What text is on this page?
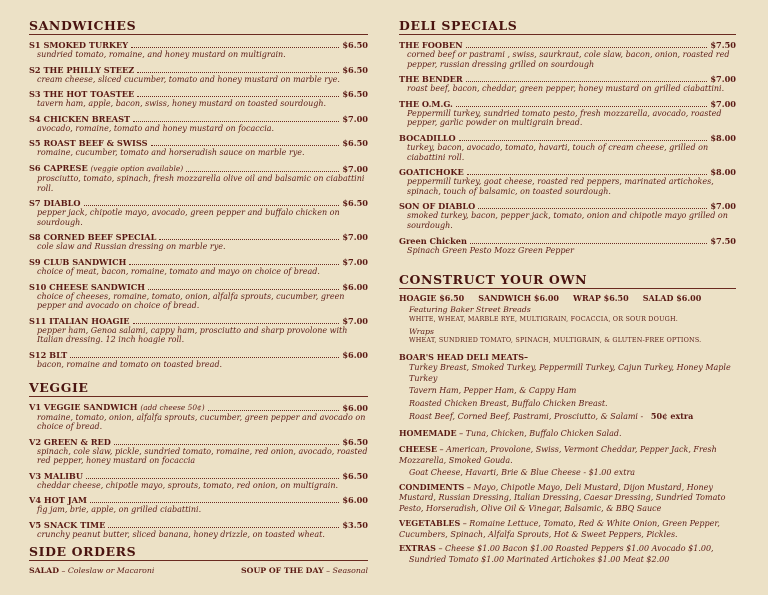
SANDWICHES
S1 SMOKED TURKEY	$6.50
sundried tomato, romaine, and honey mustard on multigrain.
S2 THE PHILLY STEEZ	$6.50
cream cheese, sliced cucumber, tomato and honey mustard on marble rye.
S3 THE HOT TOASTEE	$6.50
tavern ham, apple, bacon, swiss, honey mustard on toasted sourdough.
S4 CHICKEN BREAST	$7.00
avocado, romaine, tomato and honey mustard on focaccia.
S5 ROAST BEEF & SWISS	$6.50
romaine, cucumber, tomato and horseradish sauce on marble rye.
S6 CAPRESE (veggie option available)	$7.00
prosciutto, tomato, spinach, fresh mozzarella olive oil and balsamic on ciabattini roll.
S7 DIABLO	$6.50
pepper jack, chipotle mayo, avocado, green pepper and buffalo chicken on sourdough.
S8 CORNED BEEF SPECIAL	$7.00
cole slaw and Russian dressing on marble rye.
S9 CLUB SANDWICH	$7.00
choice of meat, bacon, romaine, tomato and mayo on choice of bread.
S10 CHEESE SANDWICH	$6.00
choice of cheeses, romaine, tomato, onion, alfalfa sprouts, cucumber, green pepper and avocado on choice of bread.
S11 ITALIAN HOAGIE	$7.00
pepper ham, Genoa salami, cappy ham, prosciutto and sharp provolone with Italian dressing. 12 inch hoagie roll.
S12 BLT	$6.00
bacon, romaine and tomato on toasted bread.
VEGGIE
V1 VEGGIE SANDWICH (add cheese 50¢)	$6.00
romaine, tomato, onion, alfalfa sprouts, cucumber, green pepper and avocado on choice of bread.
V2 GREEN & RED	$6.50
spinach, cole slaw, pickle, sundried tomato, romaine, red onion, avocado, roasted red pepper, honey mustard on focaccia
V3 MALIBU	$6.50
cheddar cheese, chipotle mayo, sprouts, tomato, red onion, on multigrain.
V4 HOT JAM	$6.00
fig jam, brie, apple, on grilled ciabattini.
V5 SNACK TIME	$3.50
crunchy peanut butter, sliced banana, honey drizzle, on toasted wheat.
SIDE ORDERS
SALAD – Coleslaw or Macaroni	SOUP OF THE DAY – Seasonal
DELI SPECIALS
THE FOOBEN	$7.50
corned beef or pastrami , swiss, saurkraut, cole slaw, bacon, onion, roasted red pepper, russian dressing grilled on sourdough
THE BENDER	$7.00
roast beef, bacon, cheddar, green pepper, honey mustard on grilled ciabattini.
THE O.M.G.	$7.00
Peppermill turkey, sundried tomato pesto, fresh mozzarella, avocado, roasted pepper, garlic powder on multigrain bread.
BOCADILLO	$8.00
turkey, bacon, avocado, tomato, havarti, touch of cream cheese, grilled on ciabattini roll.
GOATICHOKE	$8.00
peppermill turkey, goat cheese, roasted red peppers, marinated artichokes, spinach, touch of balsamic, on toasted sourdough.
SON OF DIABLO	$7.00
smoked turkey, bacon, pepper jack, tomato, onion and chipotle mayo grilled on sourdough.
Green Chicken	$7.50
Spinach Green Pesto Mozz Green Pepper
CONSTRUCT YOUR OWN
HOAGIE $6.50 SANDWICH $6.00 WRAP $6.50 SALAD $6.00
Featuring Baker Street Breads
WHITE, WHEAT, MARBLE RYE, MULTIGRAIN, FOCACCIA, OR SOUR DOUGH.
Wraps
WHEAT, SUNDRIED TOMATO, SPINACH, MULTIGRAIN, & GLUTEN-FREE OPTIONS.
BOAR'S HEAD DELI MEATS–
Turkey Breast, Smoked Turkey, Peppermill Turkey, Cajun Turkey, Honey Maple Turkey
Tavern Ham, Pepper Ham, & Cappy Ham
Roasted Chicken Breast, Buffalo Chicken Breast.
Roast Beef, Corned Beef, Pastrami, Prosciutto, & Salami - 50¢ extra
HOMEMADE – Tuna, Chicken, Buffalo Chicken Salad.
CHEESE – American, Provolone, Swiss, Vermont Cheddar, Pepper Jack, Fresh Mozzarella, Smoked Gouda.
Goat Cheese, Havarti, Brie & Blue Cheese - $1.00 extra
CONDIMENTS – Mayo, Chipotle Mayo, Deli Mustard, Dijon Mustard, Honey Mustard, Russian Dressing, Italian Dressing, Caesar Dressing, Sundried Tomato Pesto, Horseradish, Olive Oil & Vinegar, Balsamic, & BBQ Sauce
VEGETABLES – Romaine Lettuce, Tomato, Red & White Onion, Green Pepper, Cucumbers, Spinach, Alfalfa Sprouts, Hot & Sweet Peppers, Pickles.
EXTRAS – Cheese $1.00 Bacon $1.00 Roasted Peppers $1.00 Avocado $1.00,
Sundried Tomato $1.00 Marinated Artichokes $1.00 Meat $2.00
